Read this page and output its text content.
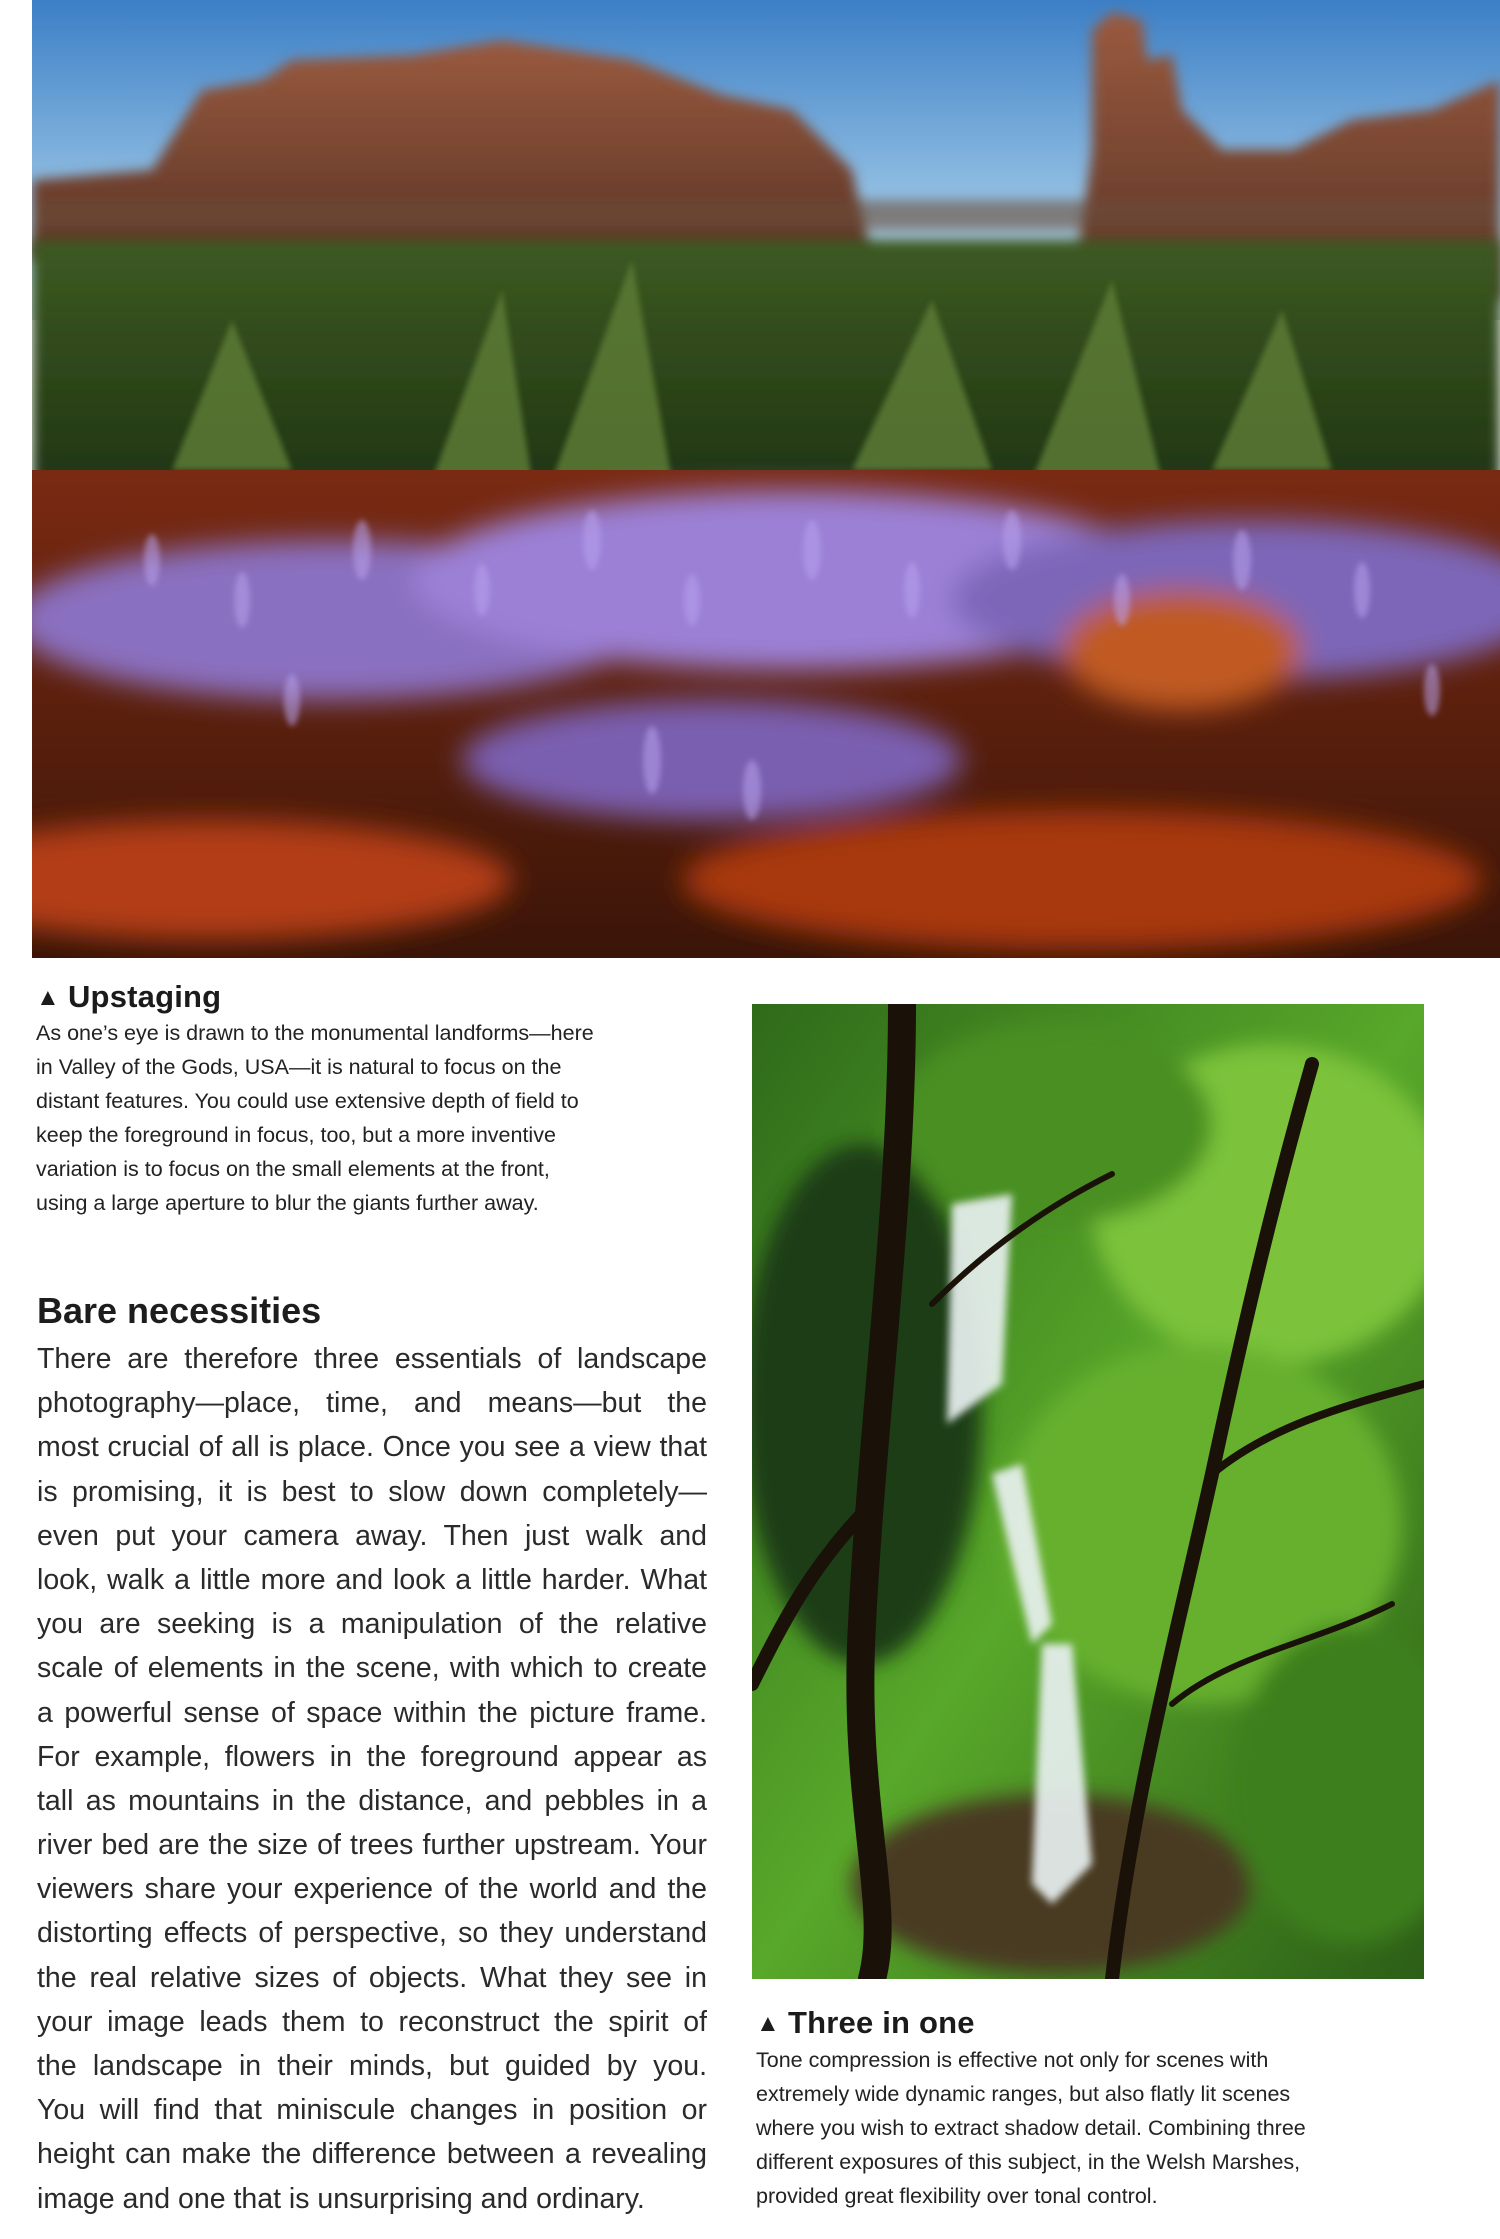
▲ Upstaging
As one’s eye is drawn to the monumental landforms—here
in Valley of the Gods, USA—it is natural to focus on the
distant features. You could use extensive depth of field to
keep the foreground in focus, too, but a more inventive
variation is to focus on the small elements at the front,
using a large aperture to blur the giants further away.
Bare necessities
There are therefore three essentials of landscape
photography—place, time, and means—but the
most crucial of all is place. Once you see a view that
is promising, it is best to slow down completely—
even put your camera away. Then just walk and
look, walk a little more and look a little harder. What
you are seeking is a manipulation of the relative
scale of elements in the scene, with which to create
a powerful sense of space within the picture frame.
For example, flowers in the foreground appear as
tall as mountains in the distance, and pebbles in a
river bed are the size of trees further upstream. Your
viewers share your experience of the world and the
distorting effects of perspective, so they understand
the real relative sizes of objects. What they see in
your image leads them to reconstruct the spirit of
the landscape in their minds, but guided by you.
You will find that miniscule changes in position or
height can make the difference between a revealing
image and one that is unsurprising and ordinary.
▲ Three in one
Tone compression is effective not only for scenes with
extremely wide dynamic ranges, but also flatly lit scenes
where you wish to extract shadow detail. Combining three
different exposures of this subject, in the Welsh Marshes,
provided great flexibility over tonal control.
